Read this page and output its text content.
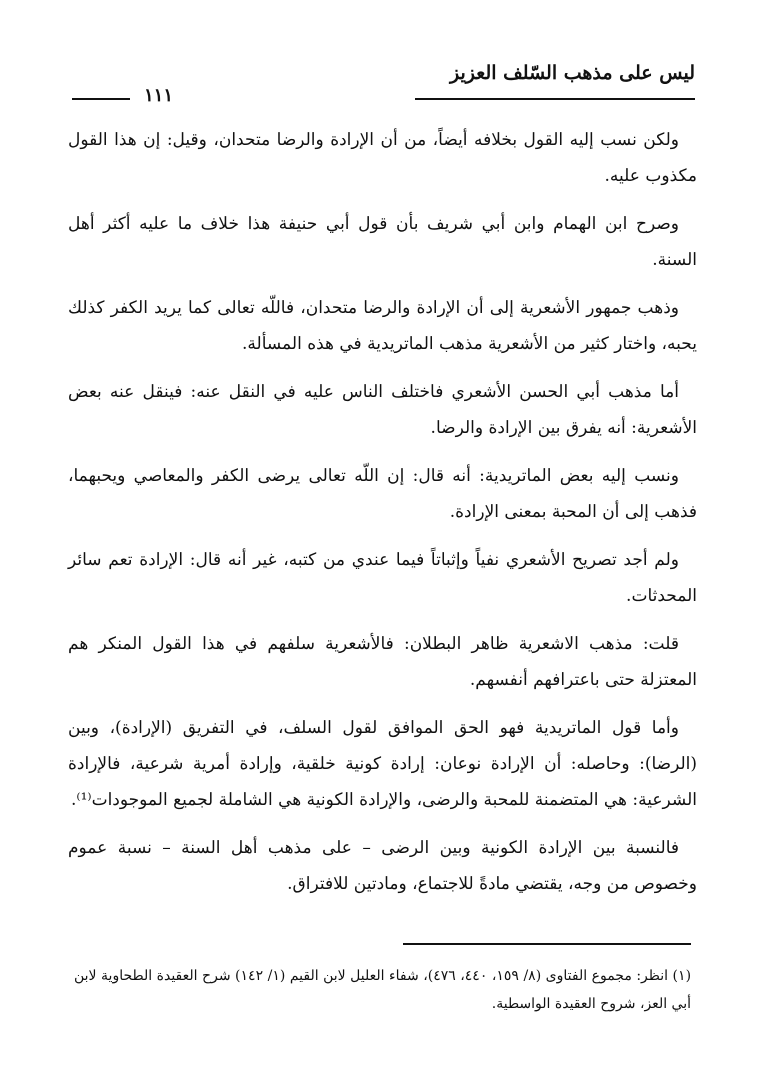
ليس على مذهب السّلف العزيز
١١١

ولكن نسب إليه القول بخلافه أيضاً، من أن الإرادة والرضا متحدان، وقيل: إن هذا القول مكذوب عليه.

وصرح ابن الهمام وابن أبي شريف بأن قول أبي حنيفة هذا خلاف ما عليه أكثر أهل السنة.

وذهب جمهور الأشعرية إلى أن الإرادة والرضا متحدان، فاللّه تعالى كما يريد الكفر كذلك يحبه، واختار كثير من الأشعرية مذهب الماتريدية في هذه المسألة.

أما مذهب أبي الحسن الأشعري فاختلف الناس عليه في النقل عنه: فينقل عنه بعض الأشعرية: أنه يفرق بين الإرادة والرضا.

ونسب إليه بعض الماتريدية: أنه قال: إن اللّه تعالى يرضى الكفر والمعاصي ويحبهما، فذهب إلى أن المحبة بمعنى الإرادة.

ولم أجد تصريح الأشعري نفياً وإثباتاً فيما عندي من كتبه، غير أنه قال: الإرادة تعم سائر المحدثات.

قلت: مذهب الاشعرية ظاهر البطلان: فالأشعرية سلفهم في هذا القول المنكر هم المعتزلة حتى باعترافهم أنفسهم.

وأما قول الماتريدية فهو الحق الموافق لقول السلف، في التفريق (الإرادة)، وبين (الرضا): وحاصله: أن الإرادة نوعان: إرادة كونية خلقية، وإرادة أمرية شرعية، فالإرادة الشرعية: هي المتضمنة للمحبة والرضى، والإرادة الكونية هي الشاملة لجميع الموجودات⁽¹⁾.

فالنسبة بين الإرادة الكونية وبين الرضى – على مذهب أهل السنة – نسبة عموم وخصوص من وجه، يقتضي مادةً للاجتماع، ومادتين للافتراق.

(١) انظر: مجموع الفتاوى (٨/ ١٥٩، ٤٤٠، ٤٧٦)، شفاء العليل لابن القيم (١/ ١٤٢) شرح العقيدة الطحاوية لابن أبي العز، شروح العقيدة الواسطية.
